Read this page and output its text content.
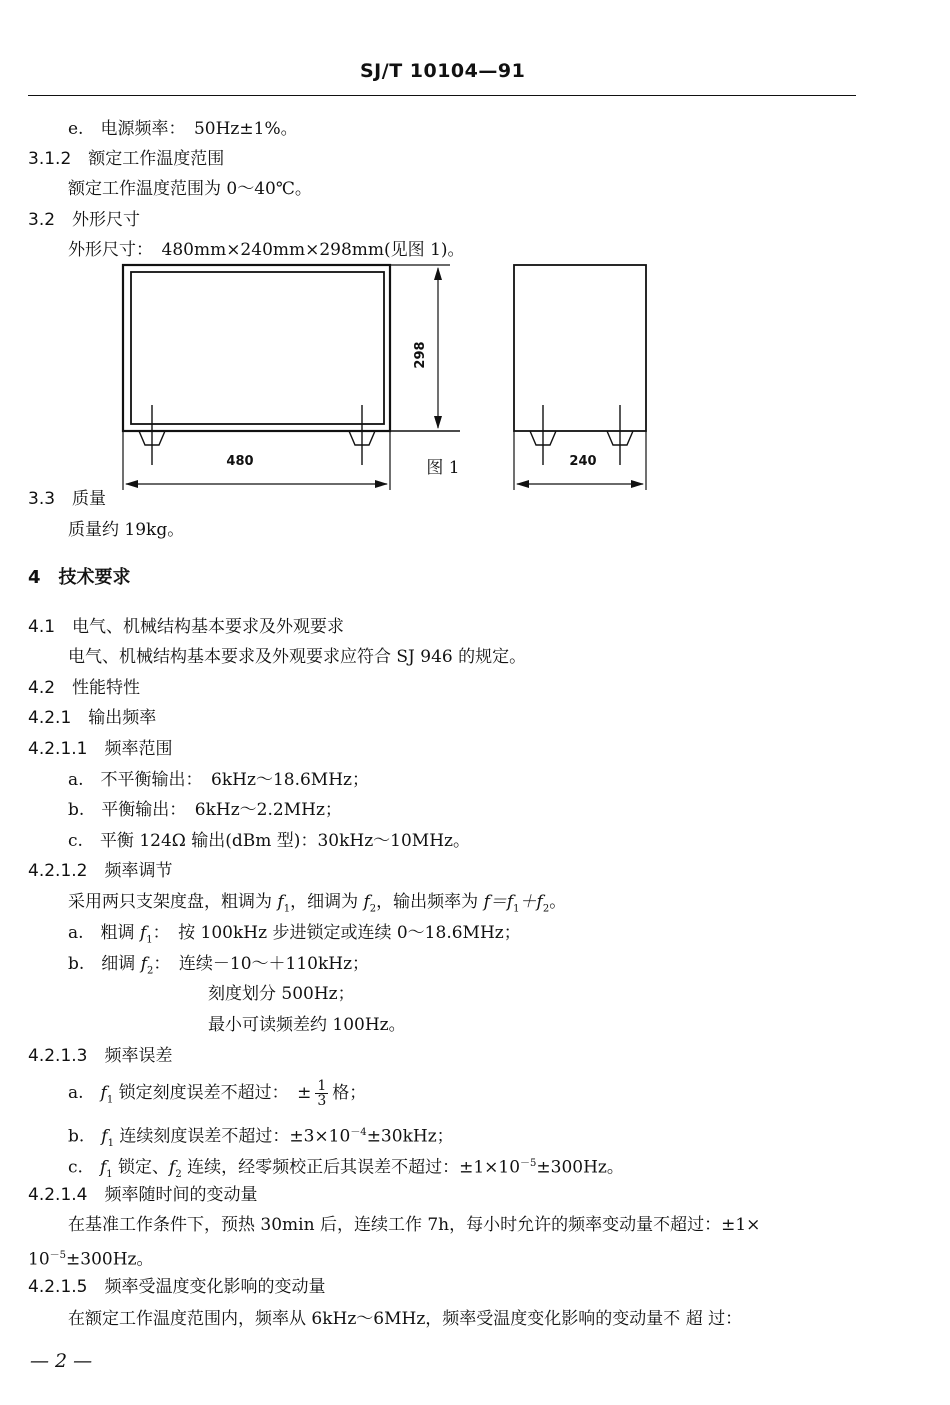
SJ/T 10104—91
e.　电源频率：　50Hz±1%。
3.1.2　额定工作温度范围
额定工作温度范围为 0～40℃。
3.2　外形尺寸
外形尺寸：　480mm×240mm×298mm(见图 1)。
480
298
240
图 1
3.3　质量
质量约 19kg。
4　技术要求
4.1　电气、机械结构基本要求及外观要求
电气、机械结构基本要求及外观要求应符合 SJ 946 的规定。
4.2　性能特性
4.2.1　输出频率
4.2.1.1　频率范围
a.　不平衡输出：　6kHz～18.6MHz；
b.　平衡输出：　6kHz～2.2MHz；
c.　平衡 124Ω 输出(dBm 型)：30kHz～10MHz。
4.2.1.2　频率调节
采用两只支架度盘，粗调为 $f_1$，细调为 $f_2$，输出频率为 $f=f_1+f_2$。
a.　粗调 $f_1$：　按 100kHz 步进锁定或连续 0～18.6MHz；
b.　细调 $f_2$：　连续－10～＋110kHz；
刻度划分 500Hz；
最小可读频差约 100Hz。
4.2.1.3　频率误差
a.　$f_1$ 锁定刻度误差不超过：　± $\frac{1}{3}$ 格；
b.　$f_1$ 连续刻度误差不超过：$\pm 3\times 10^{-4}\pm 30kHz$；
c.　$f_1$ 锁定、$f_2$ 连续，经零频校正后其误差不超过：$\pm 1\times 10^{-5}\pm 300Hz$。
4.2.1.4　频率随时间的变动量
在基准工作条件下，预热 30min 后，连续工作 7h，每小时允许的频率变动量不超过：±1×
$10^{-5}\pm 300Hz$。
4.2.1.5　频率受温度变化影响的变动量
在额定工作温度范围内，频率从 6kHz～6MHz，频率受温度变化影响的变动量不 超 过：
— 2 —
